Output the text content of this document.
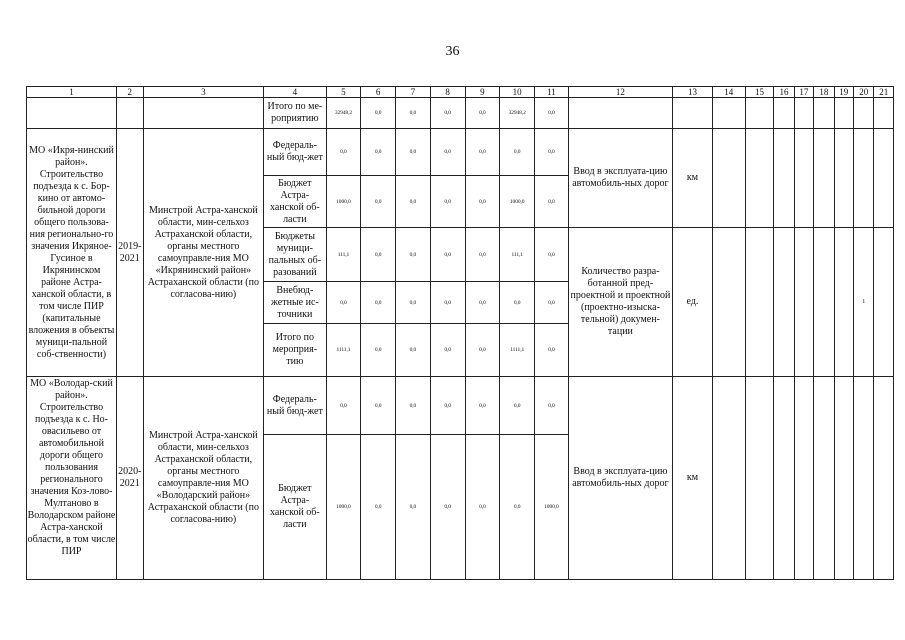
36
1	2	3	4	5	6	7	8	9	10	11	12	13	14	15	16	17	18	19	20	21
			Итого по ме-роприятию	32948,2	0,0	0,0	0,0	0,0	32948,2	0,0										
МО «Икря-нинский район». Строительство подъезда к с. Бор-кино от автомо-бильной дороги общего пользова-ния регионально-го значения Икряное-Гусиное в Икрянинском районе Астра-ханской области, в том числе ПИР (капитальные вложения в объекты муници-пальной соб-ственности)	2019-2021	Минстрой Астра-ханской области, мин-сельхоз Астраханской области, органы местного самоуправле-ния МО «Икрянинский район» Астраханской области (по согласова-нию)	Федераль-ный бюд-жет	0,0	0,0	0,0	0,0	0,0	0,0	0,0	Ввод в эксплуата-цию автомобиль-ных дорог	км								
			Бюджет Астра-ханской об-ласти	1000,0	0,0	0,0	0,0	0,0	1000,0	0,0										
			Бюджеты муници-пальных об-разований	111,1	0,0	0,0	0,0	0,0	111,1	0,0	Количество разра-ботанной пред-проектной и проектной (проектно-изыска-тельной) докумен-тации	ед.							1	
			Внебюд-жетные ис-точники	0,0	0,0	0,0	0,0	0,0	0,0	0,0										
			Итого по мероприя-тию	1111,1	0,0	0,0	0,0	0,0	1111,1	0,0										
МО «Володар-ский район». Строительство подъезда к с. Но-овасильево от автомобильной дороги общего пользования регионального значения Коз-лово-Мултаново в Володарском районе Астра-ханской области, в том числе ПИР	2020-2021	Минстрой Астра-ханской области, мин-сельхоз Астраханской области, органы местного самоуправле-ния МО «Володарский район» Астраханской области (по согласова-нию)	Федераль-ный бюд-жет	0,0	0,0	0,0	0,0	0,0	0,0	0,0	Ввод в эксплуата-цию автомобиль-ных дорог	км								
			Бюджет Астра-ханской об-ласти	1000,0	0,0	0,0	0,0	0,0	0,0	1000,0										
